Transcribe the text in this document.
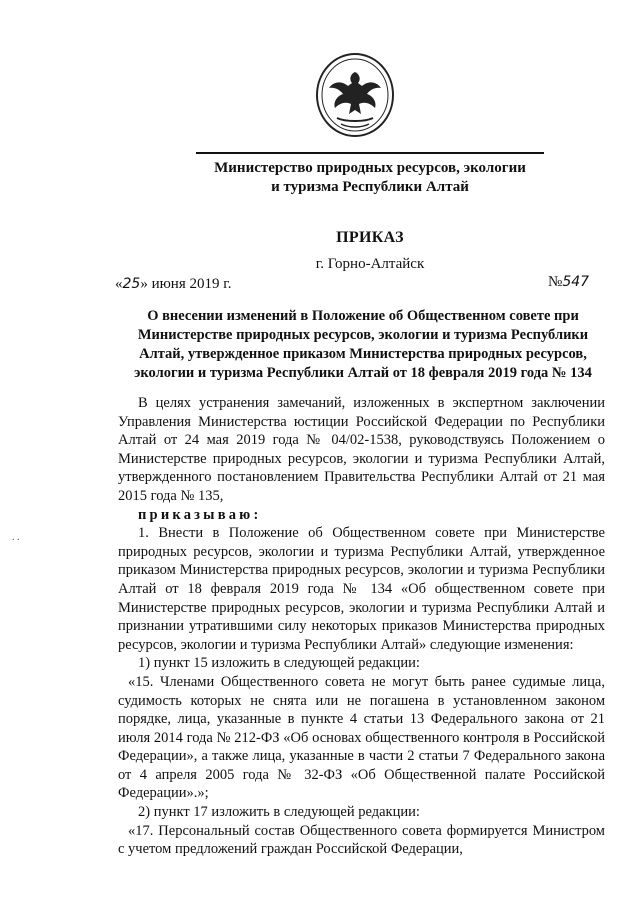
Министерство природных ресурсов, экологии
и туризма Республики Алтай
ПРИКАЗ
г. Горно-Алтайск
«25» июня 2019 г.	№547
О внесении изменений в Положение об Общественном совете при
Министерстве природных ресурсов, экологии и туризма Республики
Алтай, утвержденное приказом Министерства природных ресурсов,
экологии и туризма Республики Алтай от 18 февраля 2019 года № 134

В целях устранения замечаний, изложенных в экспертном заключении Управления Министерства юстиции Российской Федерации по Республики Алтай от 24 мая 2019 года № 04/02-1538, руководствуясь Положением о Министерстве природных ресурсов, экологии и туризма Республики Алтай, утвержденного постановлением Правительства Республики Алтай от 21 мая 2015 года № 135,

приказываю:

1. Внести в Положение об Общественном совете при Министерстве природных ресурсов, экологии и туризма Республики Алтай, утвержденное приказом Министерства природных ресурсов, экологии и туризма Республики Алтай от 18 февраля 2019 года № 134 «Об общественном совете при Министерстве природных ресурсов, экологии и туризма Республики Алтай и признании утратившими силу некоторых приказов Министерства природных ресурсов, экологии и туризма Республики Алтай» следующие изменения:

1) пункт 15 изложить в следующей редакции:

«15. Членами Общественного совета не могут быть ранее судимые лица, судимость которых не снята или не погашена в установленном законом порядке, лица, указанные в пункте 4 статьи 13 Федерального закона от 21 июля 2014 года № 212-ФЗ «Об основах общественного контроля в Российской Федерации», а также лица, указанные в части 2 статьи 7 Федерального закона от 4 апреля 2005 года № 32-ФЗ «Об Общественной палате Российской Федерации».»;

2) пункт 17 изложить в следующей редакции:

«17. Персональный состав Общественного совета формируется Министром с учетом предложений граждан Российской Федерации,

. .
